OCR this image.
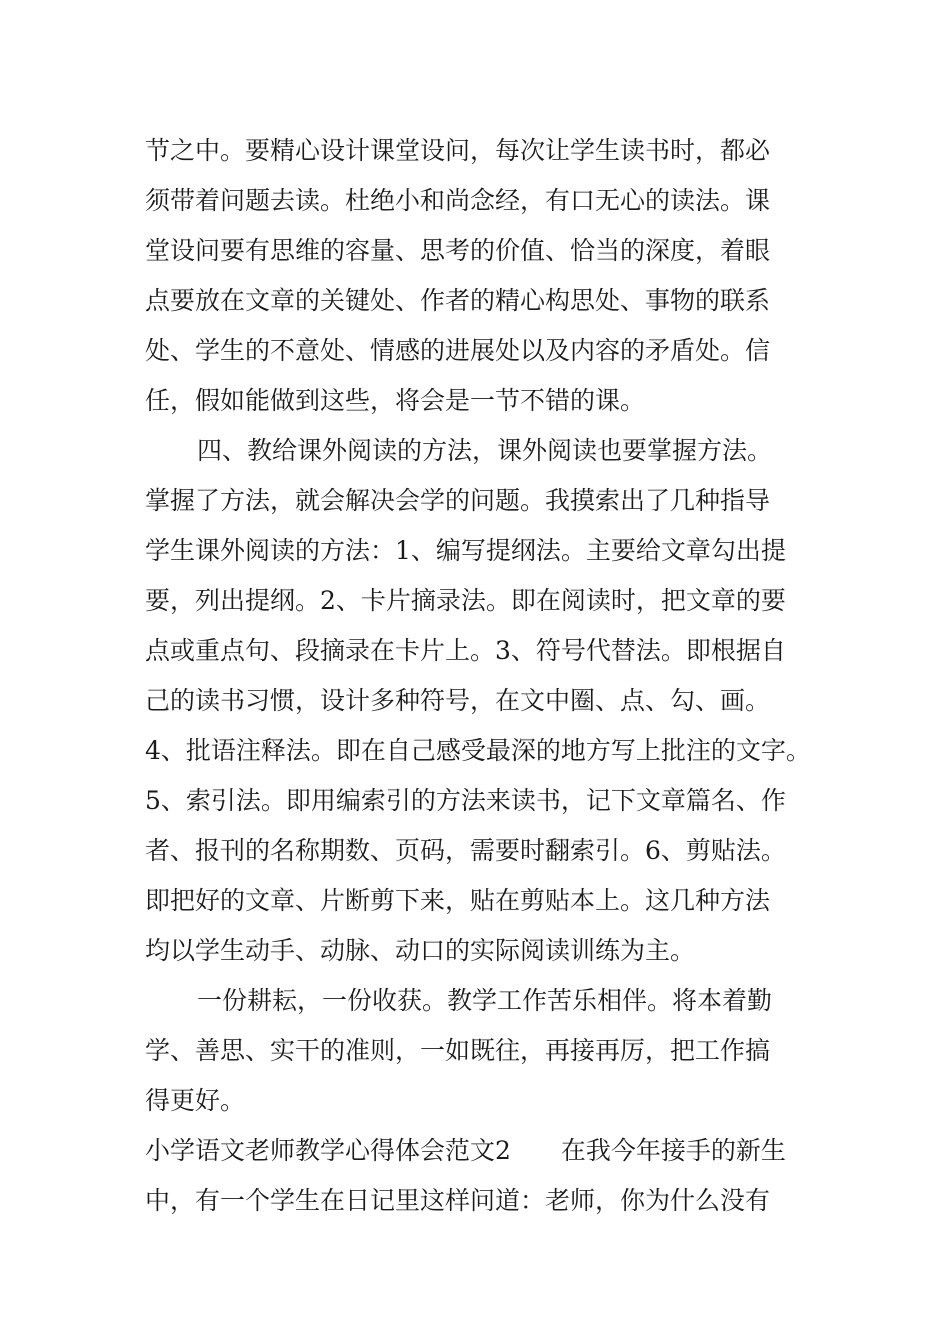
节之中。要精心设计课堂设问，每次让学生读书时，都必
须带着问题去读。杜绝小和尚念经，有口无心的读法。课
堂设问要有思维的容量、思考的价值、恰当的深度，着眼
点要放在文章的关键处、作者的精心构思处、事物的联系
处、学生的不意处、情感的进展处以及内容的矛盾处。信
任，假如能做到这些，将会是一节不错的课。
四、教给课外阅读的方法，课外阅读也要掌握方法。
掌握了方法，就会解决会学的问题。我摸索出了几种指导
学生课外阅读的方法：1、编写提纲法。主要给文章勾出提
要，列出提纲。2、卡片摘录法。即在阅读时，把文章的要
点或重点句、段摘录在卡片上。3、符号代替法。即根据自
己的读书习惯，设计多种符号，在文中圈、点、勾、画。
4、批语注释法。即在自己感受最深的地方写上批注的文字。
5、索引法。即用编索引的方法来读书，记下文章篇名、作
者、报刊的名称期数、页码，需要时翻索引。6、剪贴法。
即把好的文章、片断剪下来，贴在剪贴本上。这几种方法
均以学生动手、动脉、动口的实际阅读训练为主。
一份耕耘，一份收获。教学工作苦乐相伴。将本着勤
学、善思、实干的准则，一如既往，再接再厉，把工作搞
得更好。
小学语文老师教学心得体会范文2　　在我今年接手的新生
中，有一个学生在日记里这样问道：老师，你为什么没有
